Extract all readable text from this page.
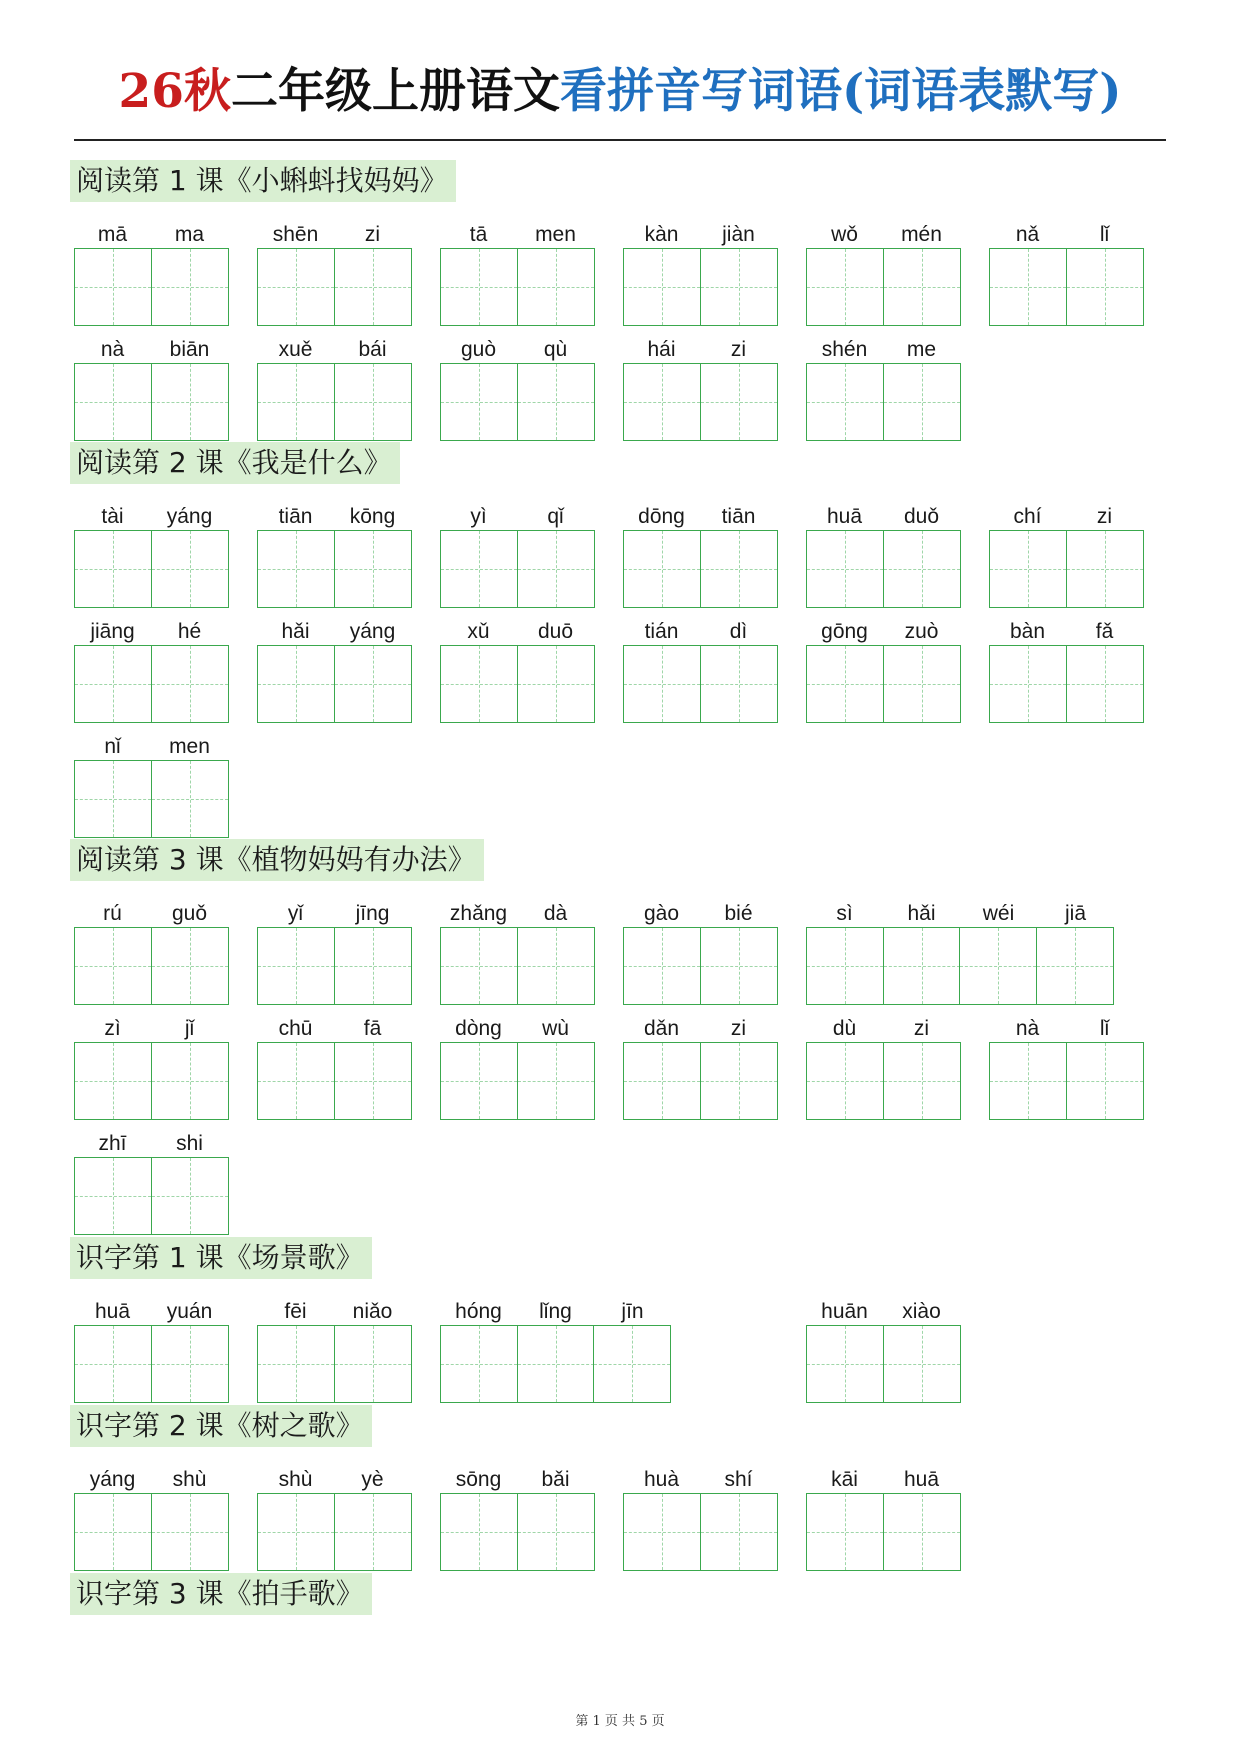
26秋二年级上册语文看拼音写词语(词语表默写)
阅读第 1 课《小蝌蚪找妈妈》
mā	ma	shēn	zi	tā	men	kàn	jiàn	wǒ	mén	nǎ	lǐ
nà	biān	xuě	bái	guò	qù	hái	zi	shén	me
阅读第 2 课《我是什么》
tài	yáng	tiān	kōng	yì	qǐ	dōng	tiān	huā	duǒ	chí	zi
jiāng	hé	hǎi	yáng	xǔ	duō	tián	dì	gōng	zuò	bàn	fǎ
nǐ	men
阅读第 3 课《植物妈妈有办法》
rú	guǒ	yǐ	jīng	zhǎng	dà	gào	bié	sì	hǎi	wéi	jiā
zì	jǐ	chū	fā	dòng	wù	dǎn	zi	dù	zi	nà	lǐ
zhī	shi
识字第 1 课《场景歌》
huā	yuán	fēi	niǎo	hóng	lǐng	jīn	huān	xiào
识字第 2 课《树之歌》
yáng	shù	shù	yè	sōng	bǎi	huà	shí	kāi	huā
识字第 3 课《拍手歌》
第 1 页 共 5 页
